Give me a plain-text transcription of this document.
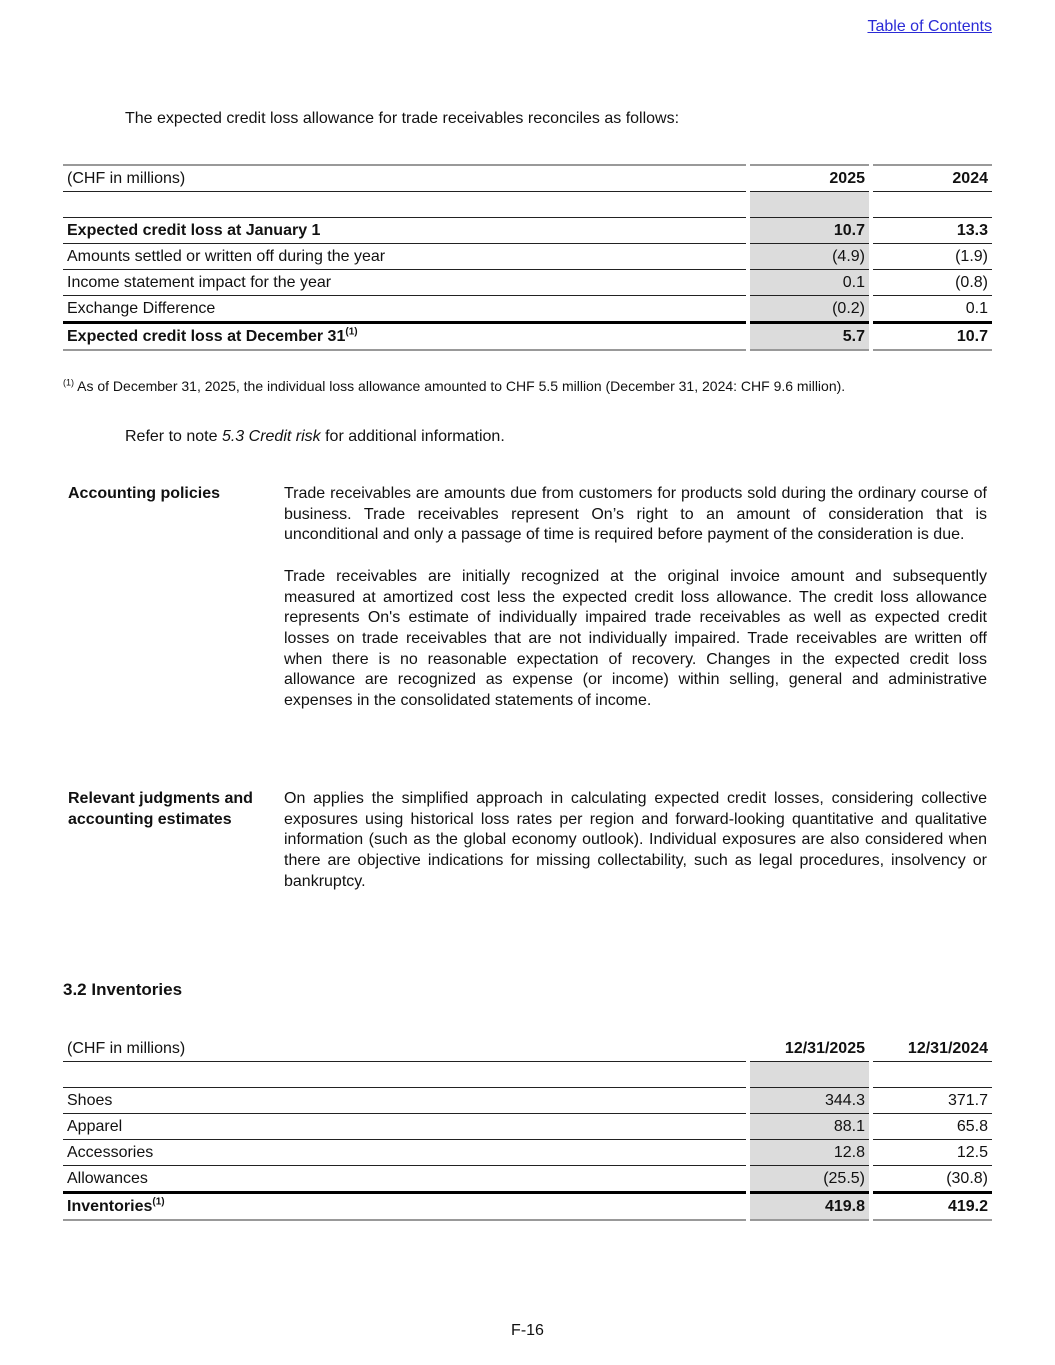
Table of Contents
The expected credit loss allowance for trade receivables reconciles as follows:
(CHF in millions)		2025		2024

Expected credit loss at January 1		10.7		13.3
Amounts settled or written off during the year		(4.9)		(1.9)
Income statement impact for the year		0.1		(0.8)
Exchange Difference		(0.2)		0.1
Expected credit loss at December 31$^{(1)}$		5.7		10.7
$^{(1)}$ As of December 31, 2025, the individual loss allowance amounted to CHF 5.5 million (December 31, 2024: CHF 9.6 million).
Refer to note 5.3 Credit risk for additional information.
Accounting policies	Trade receivables are amounts due from customers for products sold during the ordinary course of business. Trade receivables represent On’s right to an amount of consideration that is unconditional and only a passage of time is required before payment of the consideration is due.

Trade receivables are initially recognized at the original invoice amount and subsequently measured at amortized cost less the expected credit loss allowance. The credit loss allowance represents On's estimate of individually impaired trade receivables as well as expected credit losses on trade receivables that are not individually impaired. Trade receivables are written off when there is no reasonable expectation of recovery. Changes in the expected credit loss allowance are recognized as expense (or income) within selling, general and administrative expenses in the consolidated statements of income.

Relevant judgments and accounting estimates

On applies the simplified approach in calculating expected credit losses, considering collective exposures using historical loss rates per region and forward-looking quantitative and qualitative information (such as the global economy outlook). Individual exposures are also considered when there are objective indications for missing collectability, such as legal procedures, insolvency or bankruptcy.

3.2 Inventories
(CHF in millions)		12/31/2025		12/31/2024

Shoes		344.3		371.7
Apparel		88.1		65.8
Accessories		12.8		12.5
Allowances		(25.5)		(30.8)
Inventories$^{(1)}$		419.8		419.2
F-16
